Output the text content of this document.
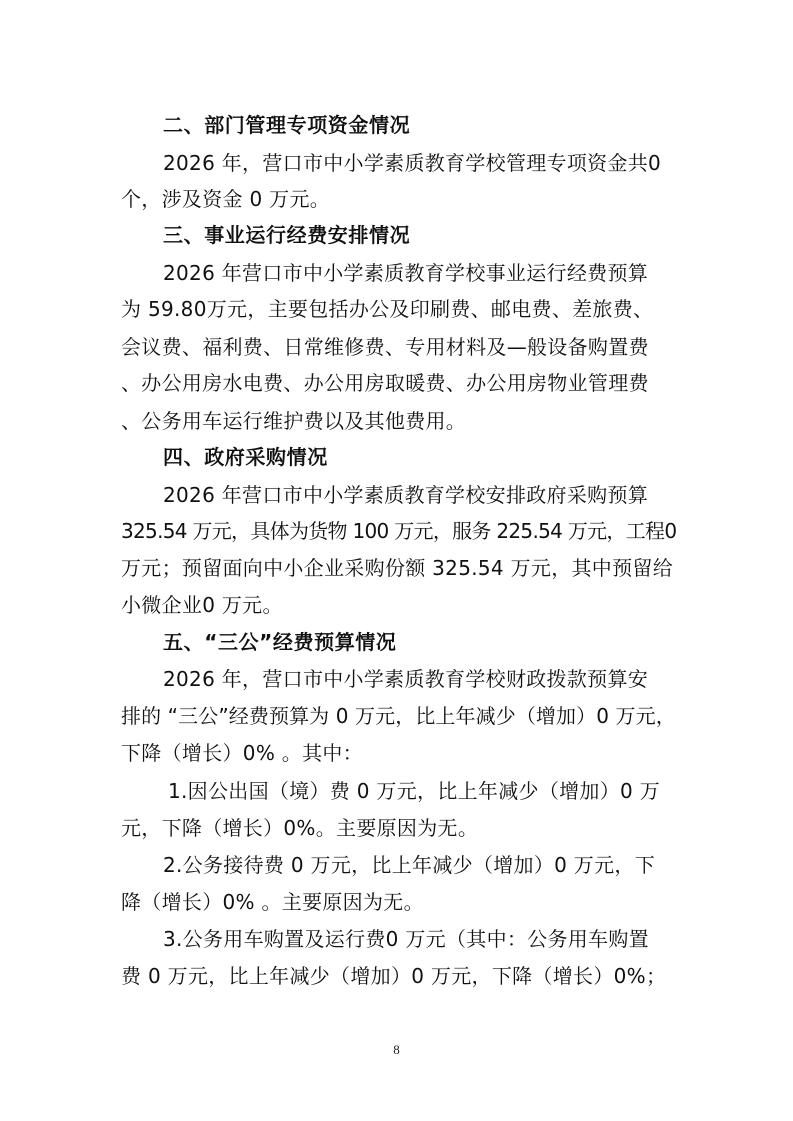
二、部门管理专项资金情况
2026 年，营口市中小学素质教育学校管理专项资金共0
个，涉及资金 0 万元。
三、事业运行经费安排情况
2026 年营口市中小学素质教育学校事业运行经费预算
为 59.80万元，主要包括办公及印刷费、邮电费、差旅费、
会议费、福利费、日常维修费、专用材料及—般设备购置费
、办公用房水电费、办公用房取暖费、办公用房物业管理费
、公务用车运行维护费以及其他费用。
四、政府采购情况
2026 年营口市中小学素质教育学校安排政府采购预算
325.54 万元，具体为货物 100 万元，服务 225.54 万元，工程0
万元；预留面向中小企业采购份额 325.54 万元，其中预留给
小微企业0 万元。
五、“三公”经费预算情况
2026 年，营口市中小学素质教育学校财政拨款预算安
排的 “三公”经费预算为 0 万元，比上年减少（增加）0 万元，
下降（增长）0% 。其中：
1.因公出国（境）费 0 万元，比上年减少（增加）0 万
元，下降（增长）0%。主要原因为无。
2.公务接待费 0 万元，比上年减少（增加）0 万元，下
降（增长）0% 。主要原因为无。
3.公务用车购置及运行费0 万元（其中：公务用车购置
费 0 万元，比上年减少（增加）0 万元，下降（增长）0%；
8
